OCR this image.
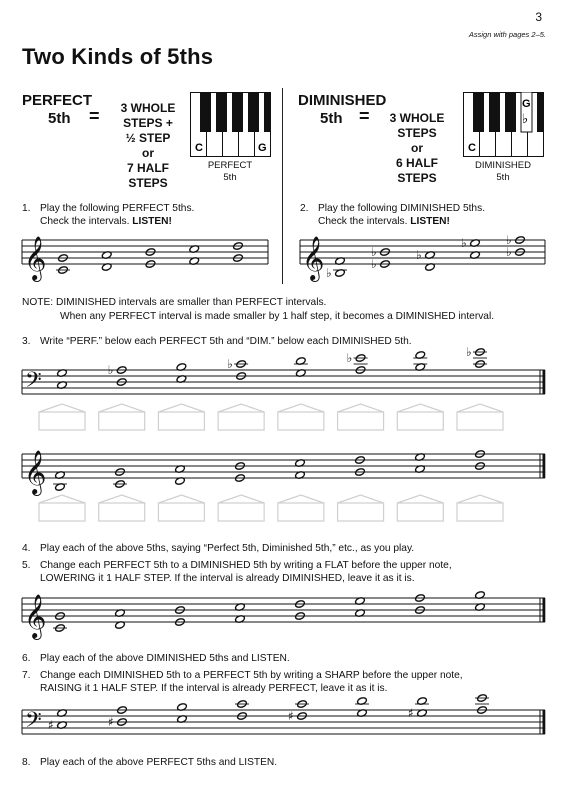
3
Assign with pages 2–5.
Two Kinds of 5ths
PERFECT
5th =	3 WHOLE
STEPS +
½ STEP
or
7 HALF
STEPS
C	G
PERFECT
5th
DIMINISHED
5th =	3 WHOLE
STEPS
or
6 HALF
STEPS
C
G
♭
DIMINISHED
5th
1. Play the following PERFECT 5ths.
Check the intervals. LISTEN!
2. Play the following DIMINISHED 5ths.
Check the intervals. LISTEN!
NOTE: DIMINISHED intervals are smaller than PERFECT intervals.
When any PERFECT interval is made smaller by 1 half step, it becomes a DIMINISHED interval.
3. Write “PERF.” below each PERFECT 5th and “DIM.” below each DIMINISHED 5th.
4. Play each of the above 5ths, saying “Perfect 5th, Diminished 5th,” etc., as you play.
5. Change each PERFECT 5th to a DIMINISHED 5th by writing a FLAT before the upper note,
LOWERING it 1 HALF STEP. If the interval is already DIMINISHED, leave it as it is.
6. Play each of the above DIMINISHED 5ths and LISTEN.
7. Change each DIMINISHED 5th to a PERFECT 5th by writing a SHARP before the upper note,
RAISING it 1 HALF STEP. If the interval is already PERFECT, leave it as it is.
8. Play each of the above PERFECT 5ths and LISTEN.
𝄞	𝄞 ♭
♭
♭	♭
♭
♭
♭
𝄢	♭	♭	♭	♭
𝄞
𝄞
𝄢 ♯	♯	♯	♯
